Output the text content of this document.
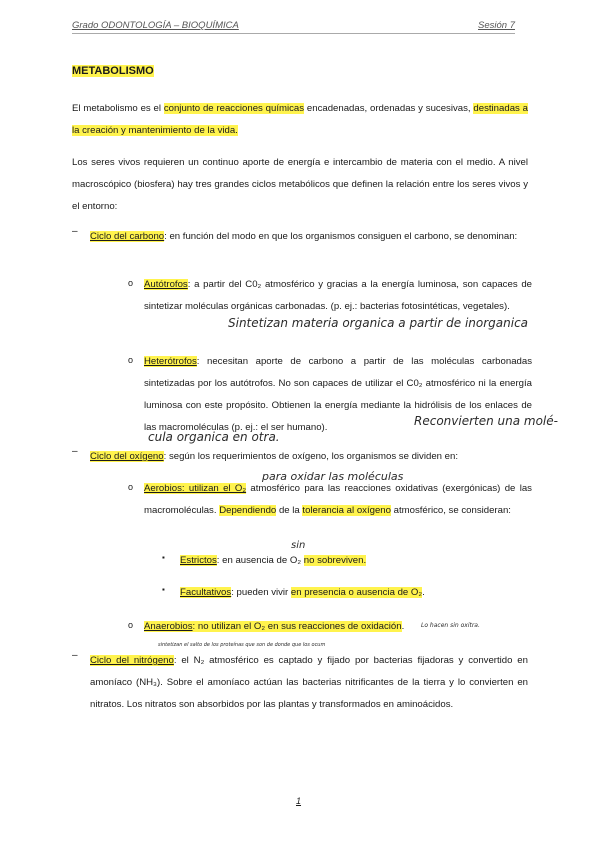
Grado ODONTOLOGÍA – BIOQUÍMICA	Sesión 7
METABOLISMO
El metabolismo es el conjunto de reacciones químicas encadenadas, ordenadas y sucesivas, destinadas a la creación y mantenimiento de la vida.
Los seres vivos requieren un continuo aporte de energía e intercambio de materia con el medio. A nivel macroscópico (biosfera) hay tres grandes ciclos metabólicos que definen la relación entre los seres vivos y el entorno:
– Ciclo del carbono: en función del modo en que los organismos consiguen el carbono, se denominan:
o Autótrofos: a partir del C0₂ atmosférico y gracias a la energía luminosa, son capaces de sintetizar moléculas orgánicas carbonadas. (p. ej.: bacterias fotosintéticas, vegetales).
Sintetizan materia organica a partir de inorganica
o Heterótrofos: necesitan aporte de carbono a partir de las moléculas carbonadas sintetizadas por los autótrofos. No son capaces de utilizar el C0₂ atmosférico ni la energía luminosa con este propósito. Obtienen la energía mediante la hidrólisis de los enlaces de las macromoléculas (p. ej.: el ser humano).	Reconvierten una molé-
cula organica en otra.
– Ciclo del oxígeno: según los requerimientos de oxígeno, los organismos se dividen en:
para oxidar las moléculas
o Aerobios: utilizan el O₂ atmosférico para las reacciones oxidativas (exergónicas) de las macromoléculas. Dependiendo de la tolerancia al oxígeno atmosférico, se consideran:
sin
▪ Estrictos: en ausencia de O₂ no sobreviven.
▪ Facultativos: pueden vivir en presencia o ausencia de O₂.
o Anaerobios: no utilizan el O₂ en sus reacciones de oxidación.	Lo hacen sin oxitra.
sintetizan el salto de los proteínas que son de donde que los ocum
– Ciclo del nitrógeno: el N₂ atmosférico es captado y fijado por bacterias fijadoras y convertido en amoníaco (NH₃). Sobre el amoníaco actúan las bacterias nitrificantes de la tierra y lo convierten en nitratos. Los nitratos son absorbidos por las plantas y transformados en aminoácidos.
1
